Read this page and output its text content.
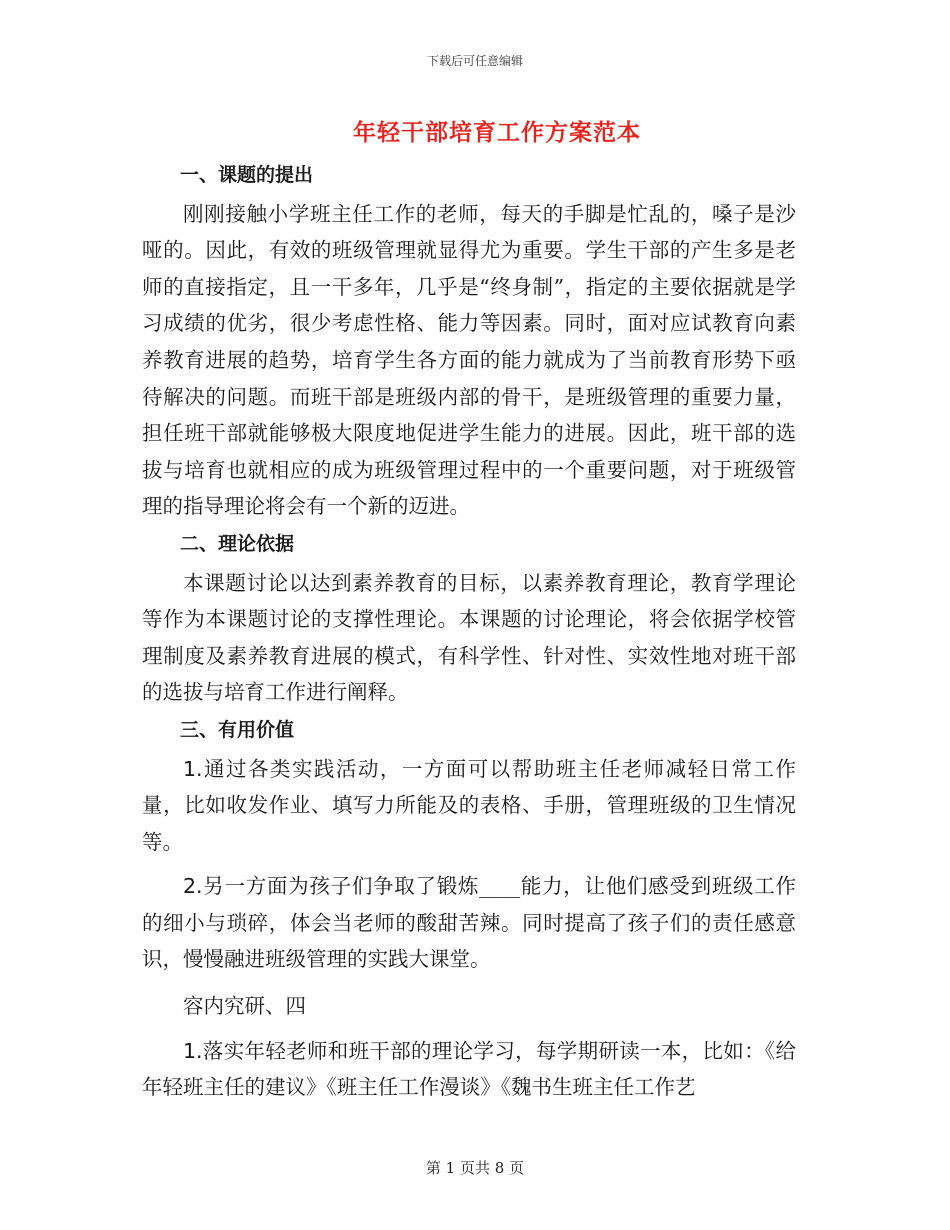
下载后可任意编辑
年轻干部培育工作方案范本

一、课题的提出

刚刚接触小学班主任工作的老师，每天的手脚是忙乱的，嗓子是沙哑的。因此，有效的班级管理就显得尤为重要。学生干部的产生多是老师的直接指定，且一干多年，几乎是“终身制”，指定的主要依据就是学习成绩的优劣，很少考虑性格、能力等因素。同时，面对应试教育向素养教育进展的趋势，培育学生各方面的能力就成为了当前教育形势下亟待解决的问题。而班干部是班级内部的骨干，是班级管理的重要力量，担任班干部就能够极大限度地促进学生能力的进展。因此，班干部的选拔与培育也就相应的成为班级管理过程中的一个重要问题，对于班级管理的指导理论将会有一个新的迈进。

二、理论依据

本课题讨论以达到素养教育的目标，以素养教育理论，教育学理论等作为本课题讨论的支撑性理论。本课题的讨论理论，将会依据学校管理制度及素养教育进展的模式，有科学性、针对性、实效性地对班干部的选拔与培育工作进行阐释。

三、有用价值

1.通过各类实践活动，一方面可以帮助班主任老师减轻日常工作量，比如收发作业、填写力所能及的表格、手册，管理班级的卫生情况等。

2.另一方面为孩子们争取了锻炼____能力，让他们感受到班级工作的细小与琐碎，体会当老师的酸甜苦辣。同时提高了孩子们的责任感意识，慢慢融进班级管理的实践大课堂。

容内究研、四

1.落实年轻老师和班干部的理论学习，每学期研读一本，比如：《给年轻班主任的建议》《班主任工作漫谈》《魏书生班主任工作艺

第 1 页共 8 页
